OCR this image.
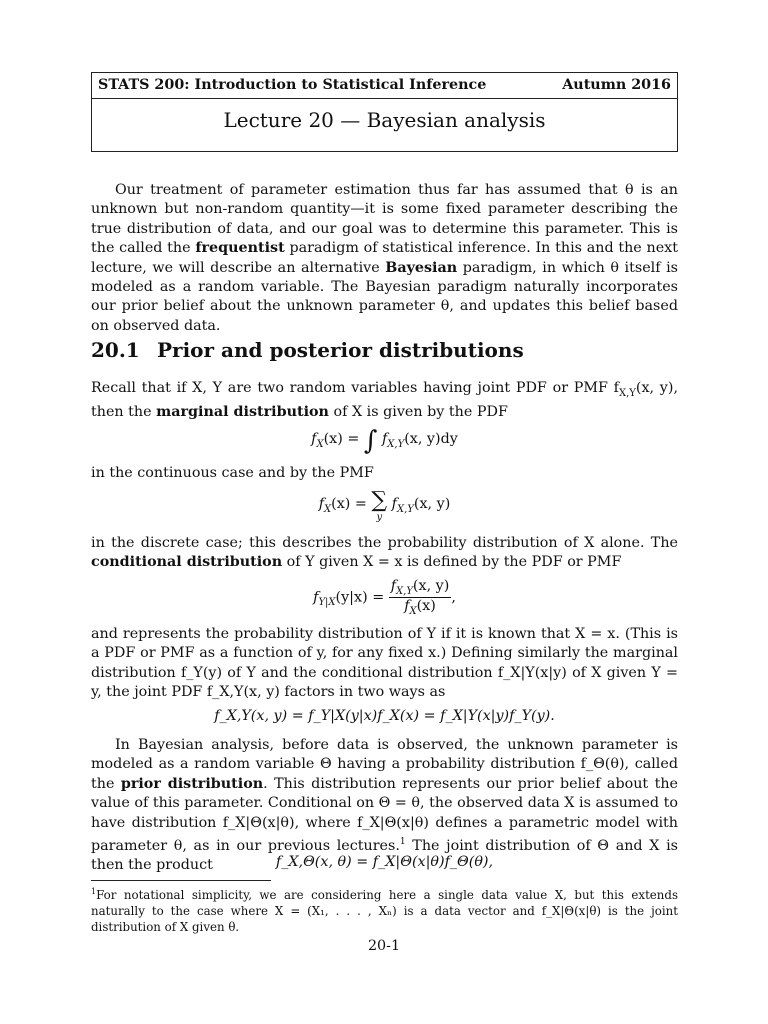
STATS 200: Introduction to Statistical Inference	Autumn 2016
Lecture 20 — Bayesian analysis

Our treatment of parameter estimation thus far has assumed that θ is an unknown but non-random quantity—it is some fixed parameter describing the true distribution of data, and our goal was to determine this parameter. This is the called the frequentist paradigm of statistical inference. In this and the next lecture, we will describe an alternative Bayesian paradigm, in which θ itself is modeled as a random variable. The Bayesian paradigm naturally incorporates our prior belief about the unknown parameter θ, and updates this belief based on observed data.

20.1 Prior and posterior distributions

Recall that if X, Y are two random variables having joint PDF or PMF $f_{X,Y}(x$, y), then the marginal distribution of X is given by the PDF

$f_X(x)$ = ∫ $f_{X,Y}(x$, y)dy

in the continuous case and by the PMF

$f_X(x)$ = ∑
y
$f_{X,Y}(x$, y)

in the discrete case; this describes the probability distribution of X alone. The conditional distribution of Y given X = x is defined by the PDF or PMF

$f_{Y|X}(y|x) = \frac{f_{X,Y}(x, y)}{f_X(x)}$ ,

and represents the probability distribution of Y if it is known that X = x. (This is a PDF or PMF as a function of y, for any fixed x.) Defining similarly the marginal distribution f_Y(y) of Y and the conditional distribution f_X|Y(x|y) of X given Y = y, the joint PDF f_X,Y(x, y) factors in two ways as

f_X,Y(x, y) = f_Y|X(y|x)f_X(x) = f_X|Y(x|y)f_Y(y).

In Bayesian analysis, before data is observed, the unknown parameter is modeled as a random variable Θ having a probability distribution f_Θ(θ), called the prior distribution. This distribution represents our prior belief about the value of this parameter. Conditional on Θ = θ, the observed data X is assumed to have distribution f_X|Θ(x|θ), where f_X|Θ(x|θ) defines a parametric model with parameter θ, as in our previous lectures.$^1$ The joint distribution of Θ and X is then the product	f_X,Θ(x, θ) = f_X|Θ(x|θ)f_Θ(θ),
$^1$For notational simplicity, we are considering here a single data value X, but this extends naturally to the case where X = (X₁, . . . , Xₙ) is a data vector and f_X|Θ(x|θ) is the joint distribution of X given θ.
20-1
